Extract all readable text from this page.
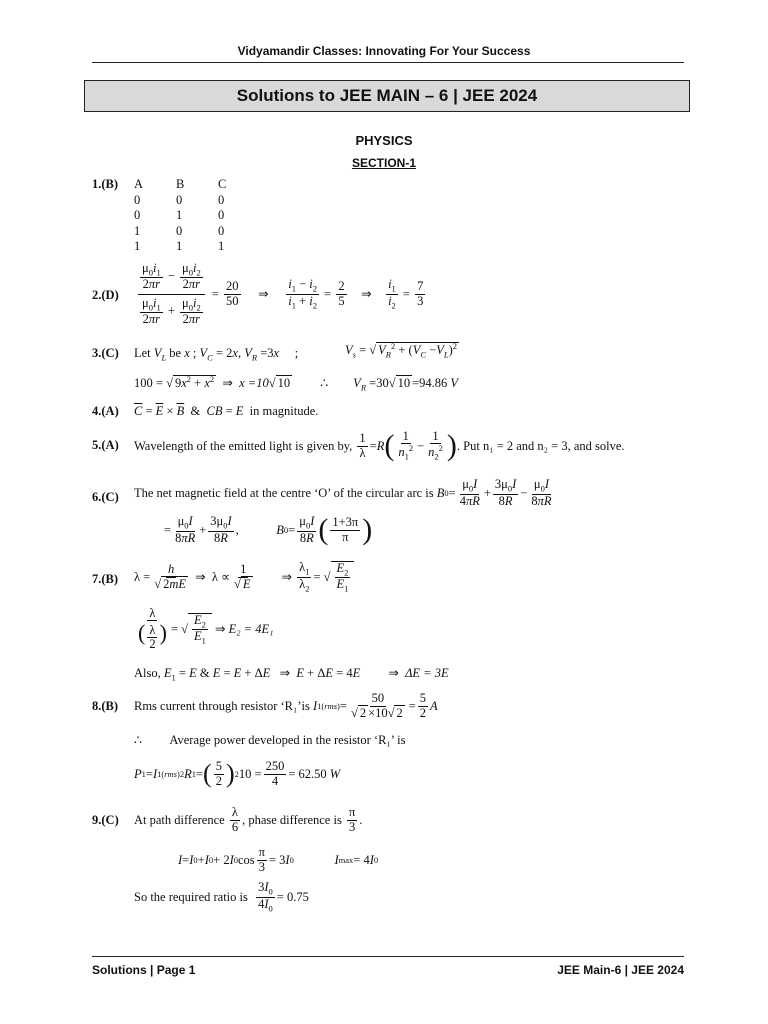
Vidyamandir Classes: Innovating For Your Success
Solutions to JEE MAIN – 6 | JEE 2024
PHYSICS
SECTION-1
1.(B) A	B	C
0	0	0
0	1	0
1	0	0
1	1	1
$2.(D) \frac{\frac{\mu_0i_1}{2\pi r} - \frac{\mu_0i_2}{2\pi r}}{\frac{\mu_0i_1}{2\pi r} + \frac{\mu_0i_2}{2\pi r}} = \frac{20}{50}$ ⇒ $\frac{i_1 - i_2}{i_1 + i_2} = \frac{2}{5}$ ⇒ $\frac{i_1}{i_2} = \frac{7}{3}$
3.(C) Let $V_L$ be x ; $V_C = 2x$, $V_R =3x$     ;	$V_s$ = √ $V_R^2 + (V_C -V_L)^2$
100 = √ $9x^2 + x^2$  ⇒  x =10√ 10 ∴ $V_R =30√$ 10 =94.86 V
4.(A) $\overline{C} = \overline{E} \times \overline{B}$  &  CB = E in magnitude.
5.(A) Wavelength of the emitted light is given by,
$\frac{1}{\lambda} = R$ ( $\frac{1}{n_1^2} - \frac{1}{n_2^2}$ ) . Put n₁ = 2 and n₂ = 3, and solve.
6.(C) The net magnetic field at the centre ‘O’ of the circular arc is
B $0 = \frac{\mu_0I}{4\pi R} + \frac{3\mu_0I}{8R} - \frac{\mu_0I}{8\pi R}$
= $\frac{\mu_0I}{8\pi R} + \frac{3\mu_0I}{8R}$ , B $0 = \frac{\mu_0I}{8R}$ ( $\frac{1+3\pi}{\pi}$ )
7.(B) $\lambda = \frac{h}{√ 2mE}$ ⇒  $\lambda \propto \frac{1}{√ E}$ ⇒ $\frac{\lambda_1}{\lambda_2}$ = √ $\frac{E_2}{E_1}$
$\frac{\lambda}{( \frac{\lambda}{2} )}$ = √ $\frac{E_2}{E_1}$ ⇒ E₂ = 4E₁
Also, $E_1 = E$ & E = E + ΔE   ⇒  E + ΔE = 4E         ⇒  ΔE = 3E
8.(B) Rms current through resistor ‘R₁’is
I $1(rms) = \frac{50}{√ 2 \times 10√ 2} = \frac{5}{2}$ A
∴ Average power developed in the resistor ‘R₁’ is
P 1 = I 1(rms) 2 R 1 = ( $\frac{5}{2}$ ) 2 $10 = \frac{250}{4} = 62.50$
W
9.(C) At path difference
$\frac{\lambda}{6}$ , phase difference is
$\frac{\pi}{3}$ .
I = I 0 + I 0 + 2 I 0 $\cos \frac{\pi}{3} = 3$ I 0
	I max = 4 I 0
So the required ratio is
$\frac{3I_0}{4I_0} = 0.75$
Solutions | Page 1	JEE Main-6 | JEE 2024
